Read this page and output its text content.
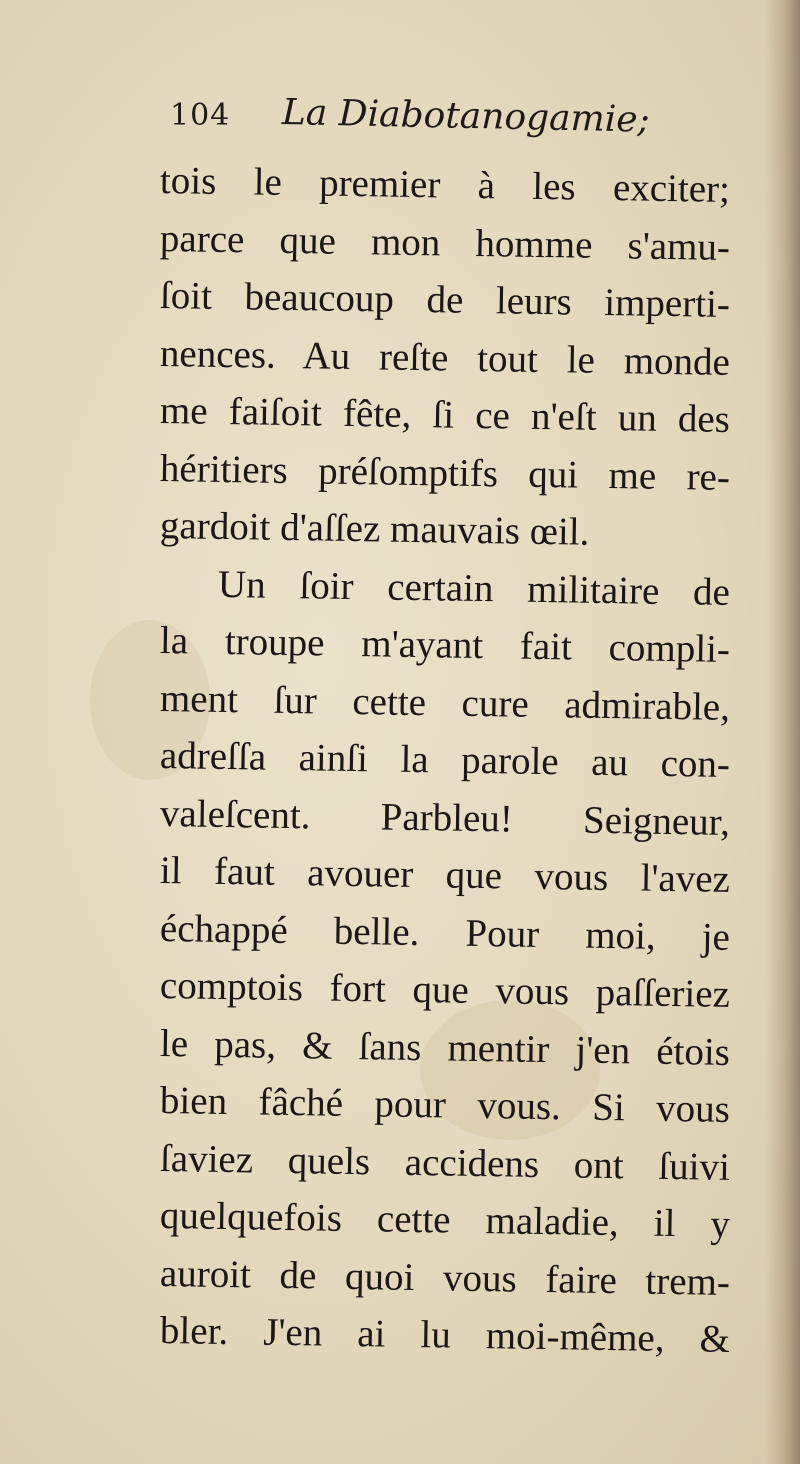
104 La Diabotanogamie;
tois le premier à les exciter;
parce que mon homme s'amu-
ſoit beaucoup de leurs imperti-
nences. Au reſte tout le monde
me faiſoit fête, ſi ce n'eſt un des
héritiers préſomptifs qui me re-
gardoit d'aſſez mauvais œil.
Un ſoir certain militaire de
la troupe m'ayant fait compli-
ment ſur cette cure admirable,
adreſſa ainſi la parole au con-
valeſcent. Parbleu! Seigneur,
il faut avouer que vous l'avez
échappé belle. Pour moi, je
comptois fort que vous paſſeriez
le pas, & ſans mentir j'en étois
bien fâché pour vous. Si vous
ſaviez quels accidens ont ſuivi
quelquefois cette maladie, il y
auroit de quoi vous faire trem-
bler. J'en ai lu moi-même, &
